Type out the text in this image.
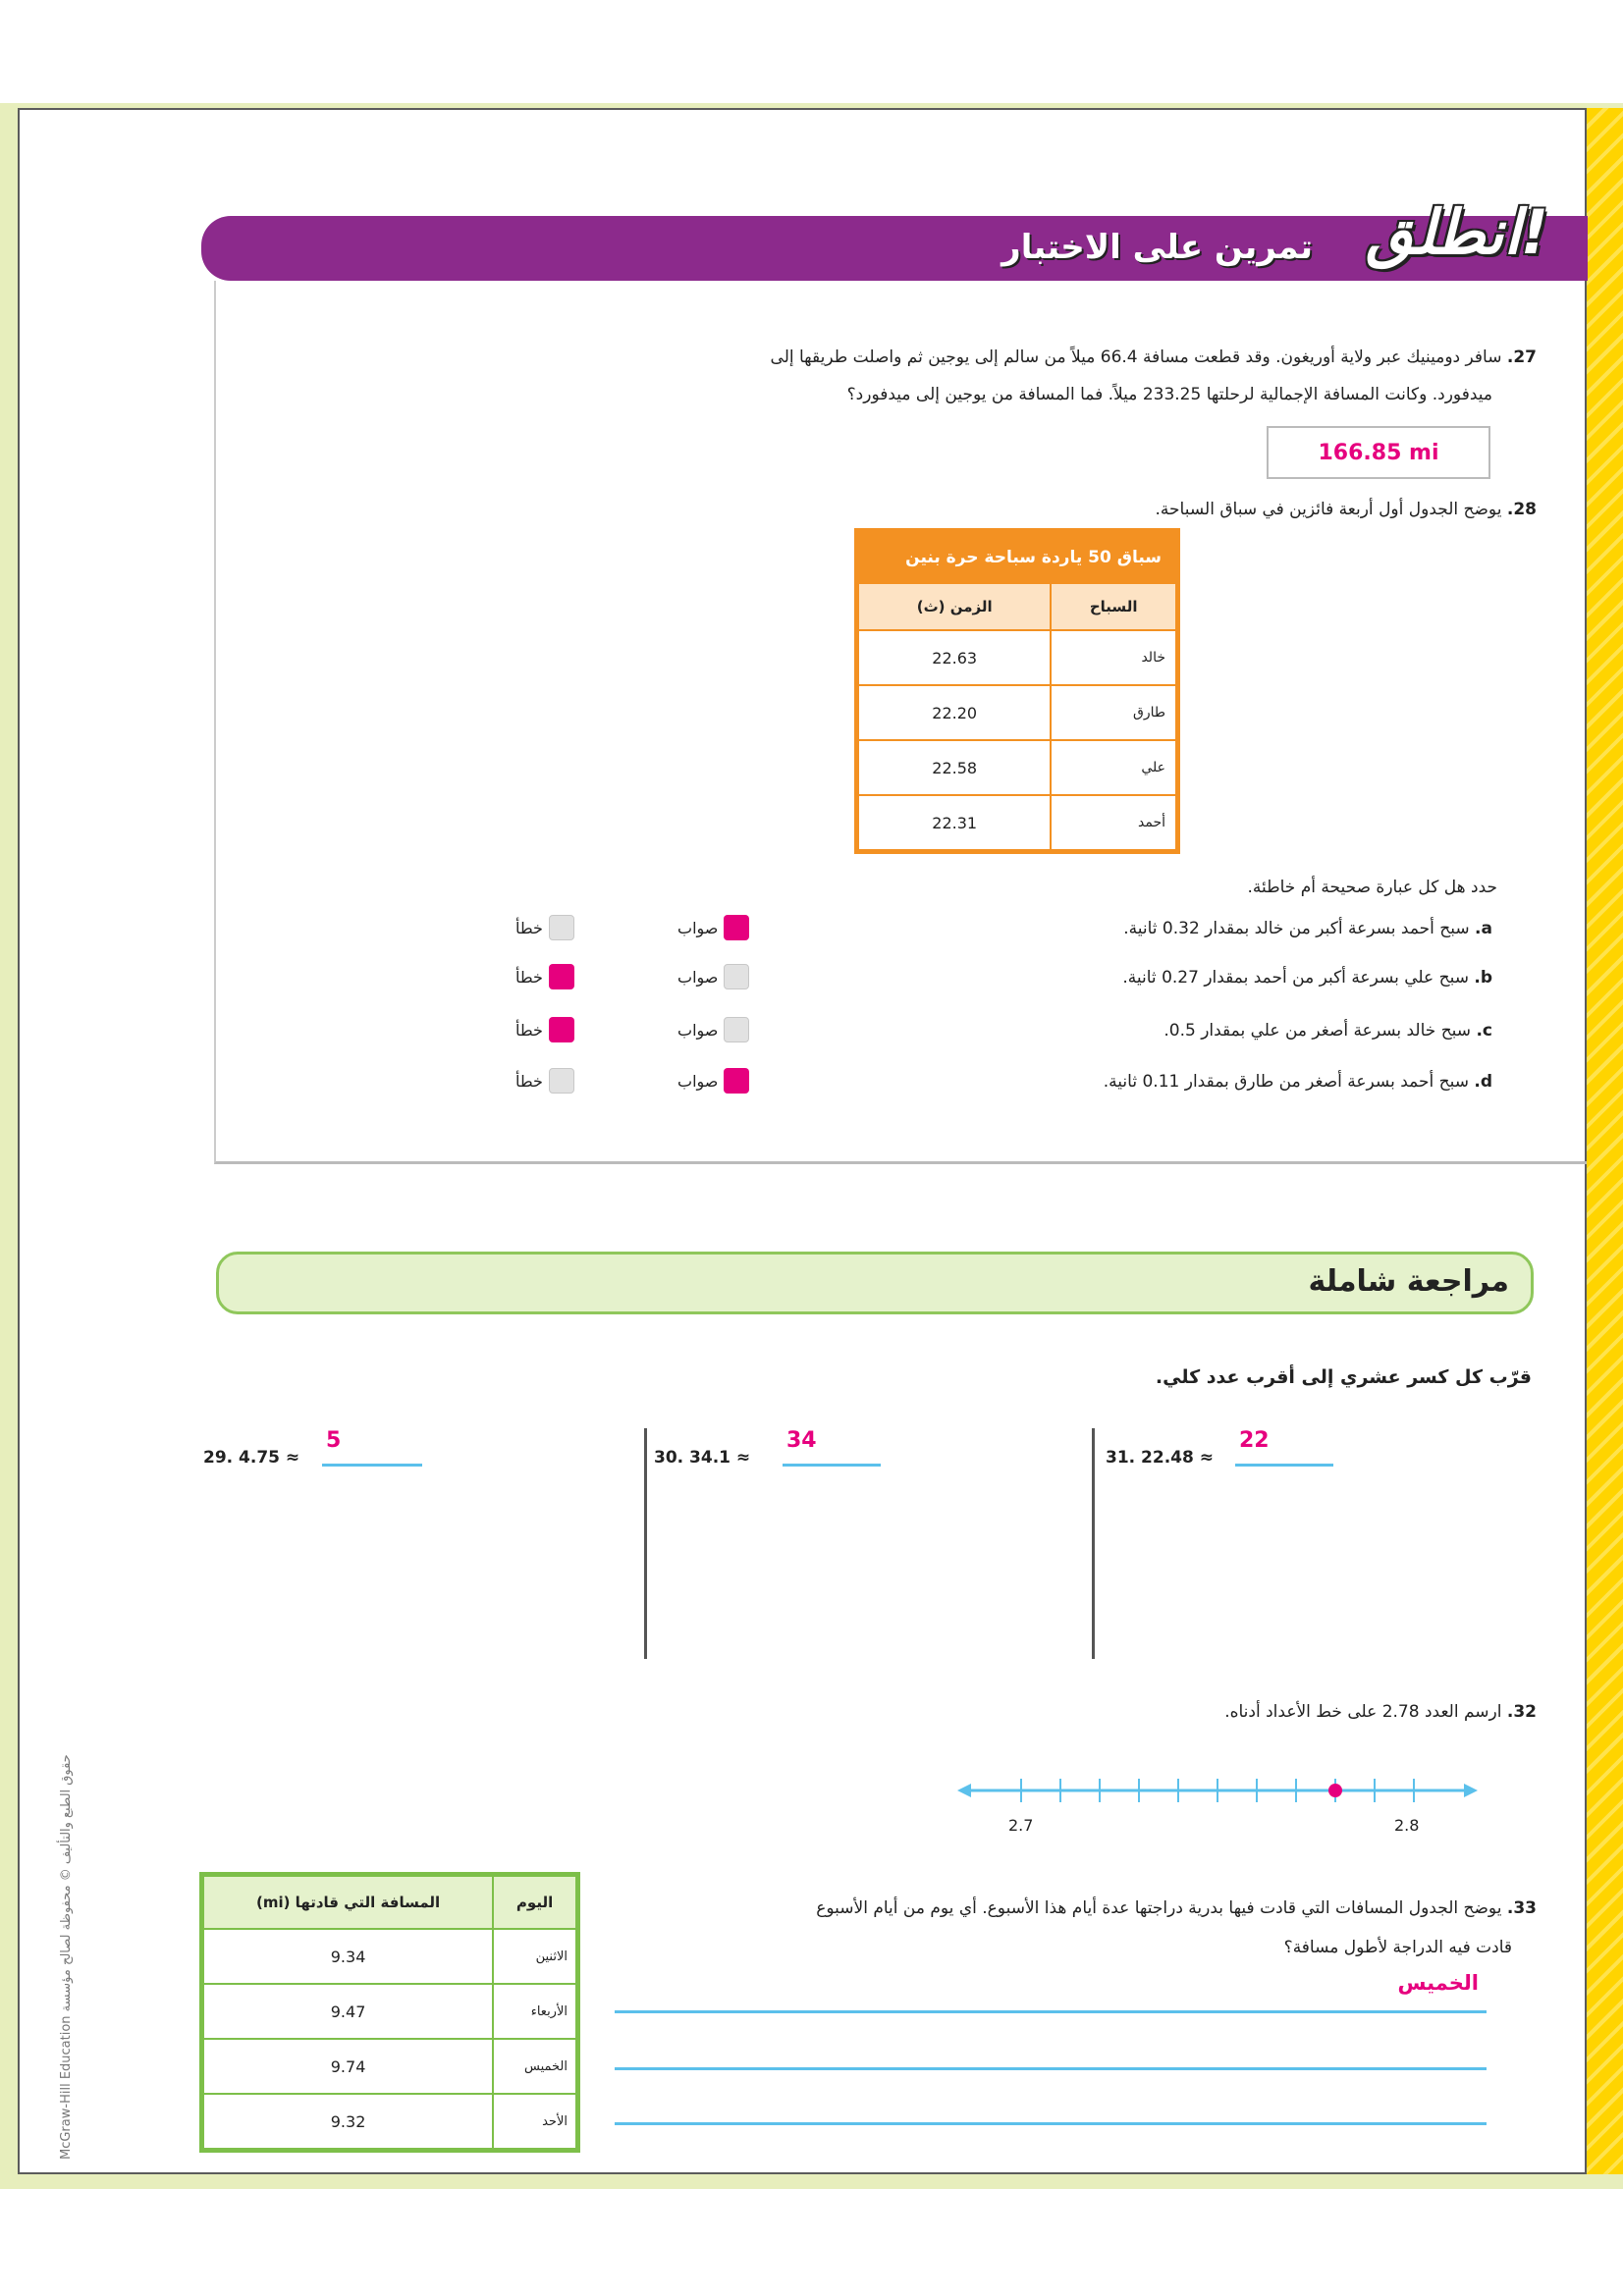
انطلق!
تمرين على الاختبار
27. سافر دومينيك عبر ولاية أوريغون. وقد قطعت مسافة 66.4 ميلاً من سالم إلى يوجين ثم واصلت طريقها إلى
ميدفورد. وكانت المسافة الإجمالية لرحلتها 233.25 ميلاً. فما المسافة من يوجين إلى ميدفورد؟
166.85 mi
28. يوضح الجدول أول أربعة فائزين في سباق السباحة.
سباق 50 ياردة سباحة حرة بنين	
السباح	الزمن (ث)
خالد	22.63
طارق	22.20
علي	22.58
أحمد	22.31
حدد هل كل عبارة صحيحة أم خاطئة.
a. سبح أحمد بسرعة أكبر من خالد بمقدار 0.32 ثانية.
b. سبح علي بسرعة أكبر من أحمد بمقدار 0.27 ثانية.
c. سبح خالد بسرعة أصغر من علي بمقدار 0.5.
d. سبح أحمد بسرعة أصغر من طارق بمقدار 0.11 ثانية.
صواب
خطأ
صواب
خطأ
صواب
خطأ
صواب
خطأ
مراجعة شاملة
قرّب كل كسر عشري إلى أقرب عدد كلي.
29. 4.75 ≈
5
30. 34.1 ≈
34
31. 22.48 ≈
22
32. ارسم العدد 2.78 على خط الأعداد أدناه.
2.7	2.8
33. يوضح الجدول المسافات التي قادت فيها بدرية دراجتها عدة أيام هذا الأسبوع. أي يوم من أيام الأسبوع
قادت فيه الدراجة لأطول مسافة؟
الخميس
اليوم	المسافة التي قادتها (mi)
الاثنين	9.34
الأربعاء	9.47
الخميس	9.74
الأحد	9.32
McGraw-Hill Education حقوق الطبع والتأليف © محفوظة لصالح مؤسسة
